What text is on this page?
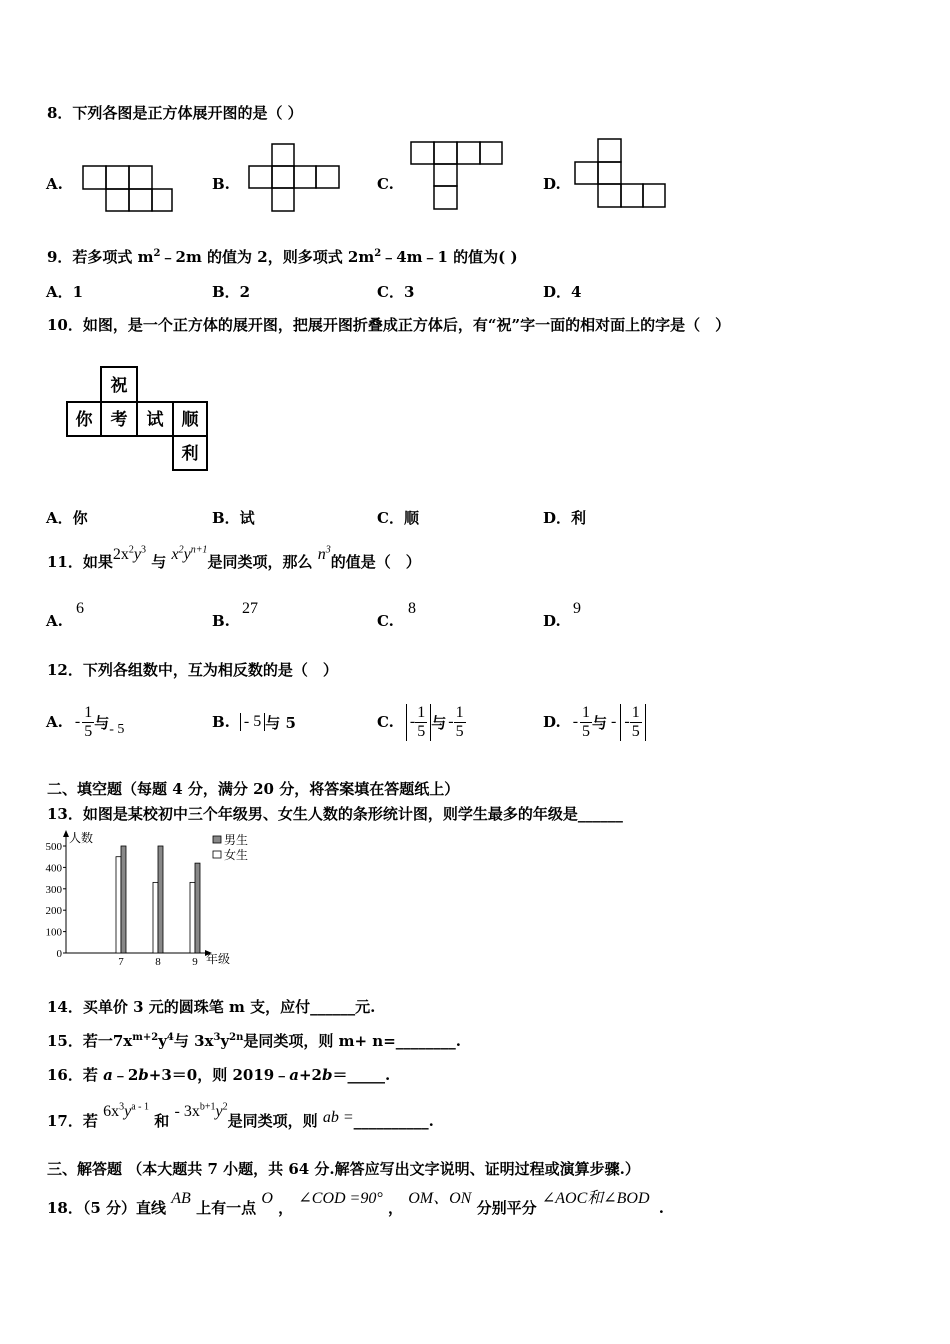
8．下列各图是正方体展开图的是（ ）
A.	B.	C.	D.
9．若多项式 $m^2﹣2m$ 的值为 2，则多项式 $2m^2﹣4m﹣1$ 的值为( )
A．1	B．2	C．3	D．4
10．如图，是一个正方体的展开图，把展开图折叠成正方体后，有“祝”字一面的相对面上的字是（　）
祝
你 考 试 顺
利
A．你	B．试	C．顺	D．利
11．如果$2x^2y^3$ 与 $x^2y^{n+1}$是同类项，那么 $n^3$的值是（　）
A.
6
B.
27
C.
8
D.
9
12．下列各组数中，互为相反数的是（　）
A. - $\frac{1}{5}$ 与 - 5	B. - 5 与 5	C. - $\frac{1}{5}$ 与 - $\frac{1}{5}$	D. - $\frac{1}{5}$ 与 - - $\frac{1}{5}$
二、填空题（每题 4 分，满分 20 分，将答案填在答题纸上）
13．如图是某校初中三个年级男、女生人数的条形统计图，则学生最多的年级是______
人数
年级
0
100
200
300
400
500
7	8	9
男生
女生
14．买单价 3 元的圆珠笔 m 支，应付______元.
15．若一$7x^{m+2}y^4$与 $3x^3y^{2n}$是同类项，则 m+ n=________.
16．若 a﹣2b+3＝0，则 2019﹣a+2b＝_____.
17．若 $6x^3y^{a - 1}$ 和 - $3x^{b+1}y^2$是同类项，则 ab =__________.
三、解答题 （本大题共 7 小题，共 64 分.解答应写出文字说明、证明过程或演算步骤.）
18．（5 分）直线 AB 上有一点 O ， ∠COD =90° ， OM、ON 分别平分 ∠AOC和∠BOD .
